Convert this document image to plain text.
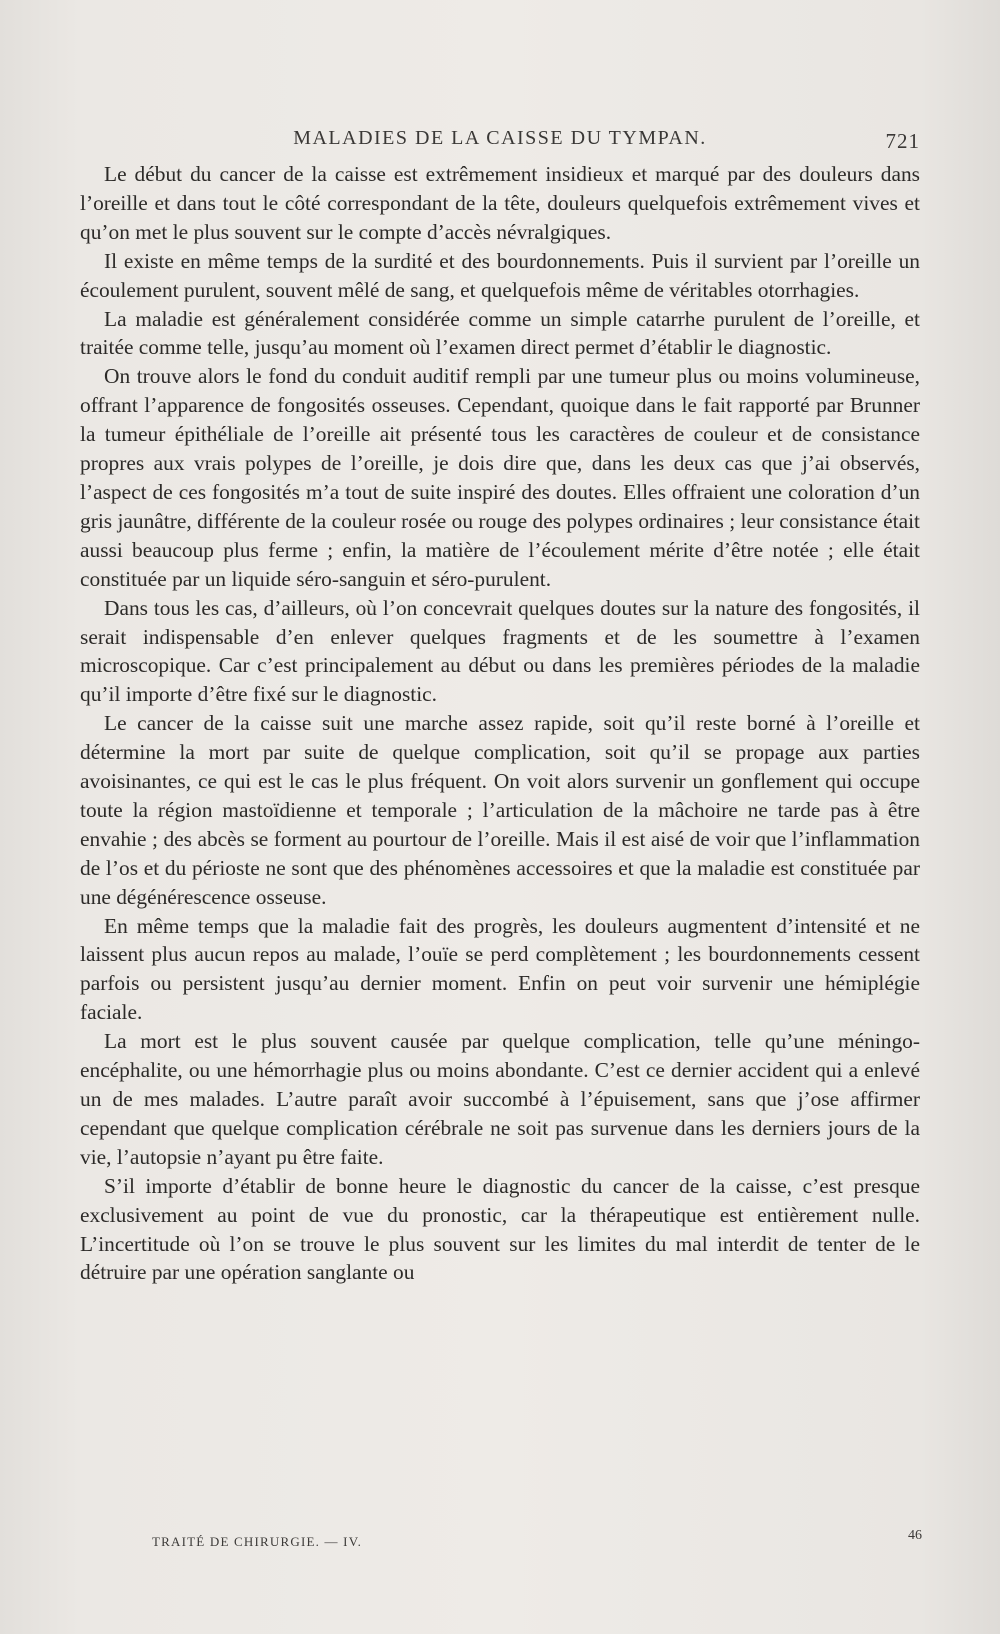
MALADIES DE LA CAISSE DU TYMPAN.	721

Le début du cancer de la caisse est extrêmement insidieux et marqué par des douleurs dans l’oreille et dans tout le côté correspondant de la tête, douleurs quelquefois extrêmement vives et qu’on met le plus souvent sur le compte d’accès névralgiques.

Il existe en même temps de la surdité et des bourdonnements. Puis il survient par l’oreille un écoulement purulent, souvent mêlé de sang, et quelquefois même de véritables otorrhagies.

La maladie est généralement considérée comme un simple catarrhe purulent de l’oreille, et traitée comme telle, jusqu’au moment où l’examen direct permet d’établir le diagnostic.

On trouve alors le fond du conduit auditif rempli par une tumeur plus ou moins volumineuse, offrant l’apparence de fongosités osseuses. Cependant, quoique dans le fait rapporté par Brunner la tumeur épithéliale de l’oreille ait présenté tous les caractères de couleur et de consistance propres aux vrais polypes de l’oreille, je dois dire que, dans les deux cas que j’ai observés, l’aspect de ces fongosités m’a tout de suite inspiré des doutes. Elles offraient une coloration d’un gris jaunâtre, différente de la couleur rosée ou rouge des polypes ordinaires ; leur consistance était aussi beaucoup plus ferme ; enfin, la matière de l’écoulement mérite d’être notée ; elle était constituée par un liquide séro-sanguin et séro-purulent.

Dans tous les cas, d’ailleurs, où l’on concevrait quelques doutes sur la nature des fongosités, il serait indispensable d’en enlever quelques fragments et de les soumettre à l’examen microscopique. Car c’est principalement au début ou dans les premières périodes de la maladie qu’il importe d’être fixé sur le diagnostic.

Le cancer de la caisse suit une marche assez rapide, soit qu’il reste borné à l’oreille et détermine la mort par suite de quelque complication, soit qu’il se propage aux parties avoisinantes, ce qui est le cas le plus fréquent. On voit alors survenir un gonflement qui occupe toute la région mastoïdienne et temporale ; l’articulation de la mâchoire ne tarde pas à être envahie ; des abcès se forment au pourtour de l’oreille. Mais il est aisé de voir que l’inflammation de l’os et du périoste ne sont que des phénomènes accessoires et que la maladie est constituée par une dégénérescence osseuse.

En même temps que la maladie fait des progrès, les douleurs augmentent d’intensité et ne laissent plus aucun repos au malade, l’ouïe se perd complètement ; les bourdonnements cessent parfois ou persistent jusqu’au dernier moment. Enfin on peut voir survenir une hémiplégie faciale.

La mort est le plus souvent causée par quelque complication, telle qu’une méningo-encéphalite, ou une hémorrhagie plus ou moins abondante. C’est ce dernier accident qui a enlevé un de mes malades. L’autre paraît avoir succombé à l’épuisement, sans que j’ose affirmer cependant que quelque complication cérébrale ne soit pas survenue dans les derniers jours de la vie, l’autopsie n’ayant pu être faite.

S’il importe d’établir de bonne heure le diagnostic du cancer de la caisse, c’est presque exclusivement au point de vue du pronostic, car la thérapeutique est entièrement nulle. L’incertitude où l’on se trouve le plus souvent sur les limites du mal interdit de tenter de le détruire par une opération sanglante ou

TRAITÉ DE CHIRURGIE. — IV.	46
